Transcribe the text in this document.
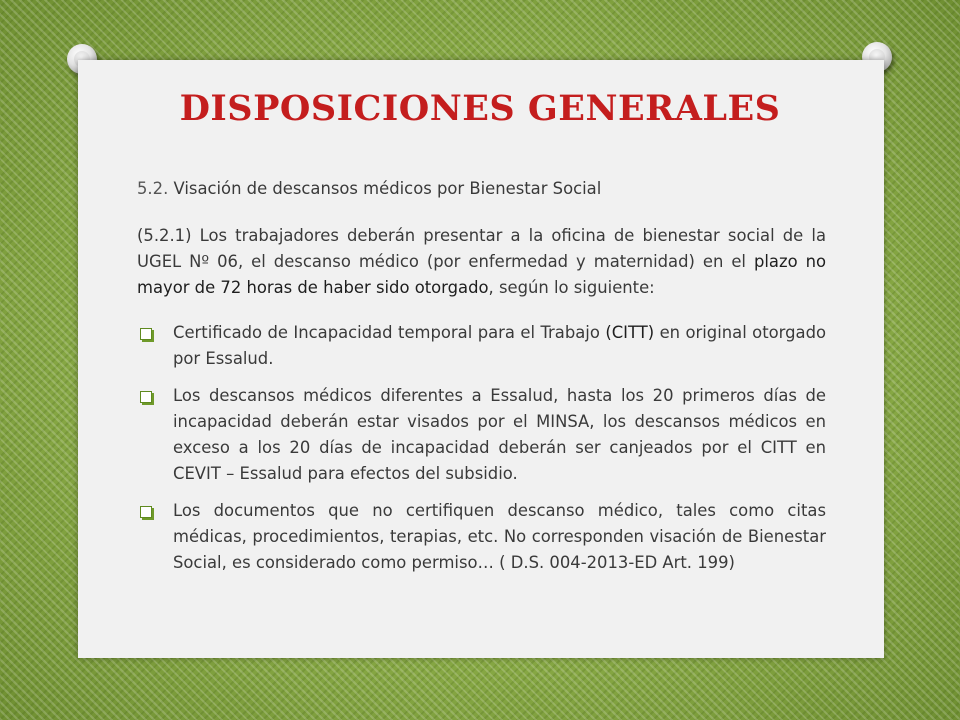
DISPOSICIONES GENERALES

5.2. Visación de descansos médicos por Bienestar Social

(5.2.1) Los trabajadores deberán presentar a la oficina de bienestar social de la UGEL Nº 06, el descanso médico (por enfermedad y maternidad) en el plazo no mayor de 72 horas de haber sido otorgado, según lo siguiente:

Certificado de Incapacidad temporal para el Trabajo (CITT) en original otorgado por Essalud.
Los descansos médicos diferentes a Essalud, hasta los 20 primeros días de incapacidad deberán estar visados por el MINSA, los descansos médicos en exceso a los 20 días de incapacidad deberán ser canjeados por el CITT en CEVIT – Essalud para efectos del subsidio.
Los documentos que no certifiquen descanso médico, tales como citas médicas, procedimientos, terapias, etc. No corresponden visación de Bienestar Social, es considerado como permiso… ( D.S. 004-2013-ED Art. 199)
